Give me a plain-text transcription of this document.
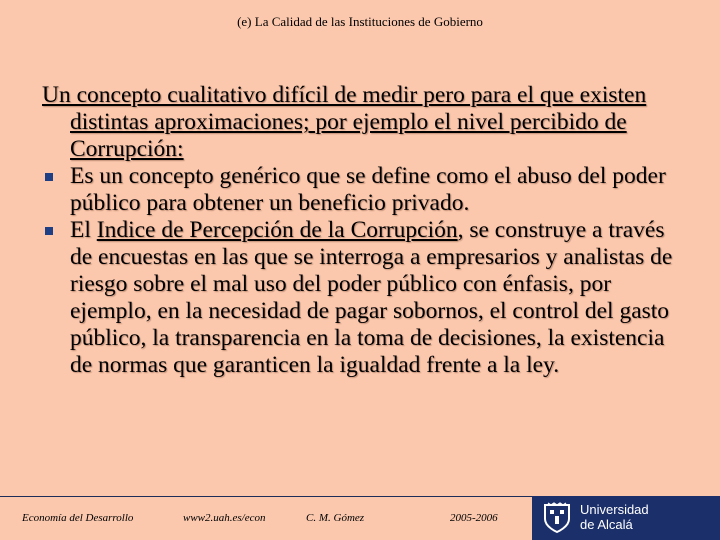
(e) La Calidad de las Instituciones de Gobierno

Un concepto cualitativo difícil de medir pero para el que existen distintas aproximaciones; por ejemplo el nivel percibido de Corrupción:

Es un concepto genérico que se define como el abuso del poder público para obtener un beneficio privado.
El Indice de Percepción de la Corrupción, se construye a través de encuestas en las que se interroga a empresarios y analistas de riesgo sobre el mal uso del poder público con énfasis, por ejemplo, en la necesidad de pagar sobornos, el control del gasto público, la transparencia en la toma de decisiones, la existencia de normas que garanticen la igualdad frente a la ley.
Economía del Desarrollo	www2.uah.es/econ	C. M. Gómez	2005-2006
Universidad
de Alcalá
